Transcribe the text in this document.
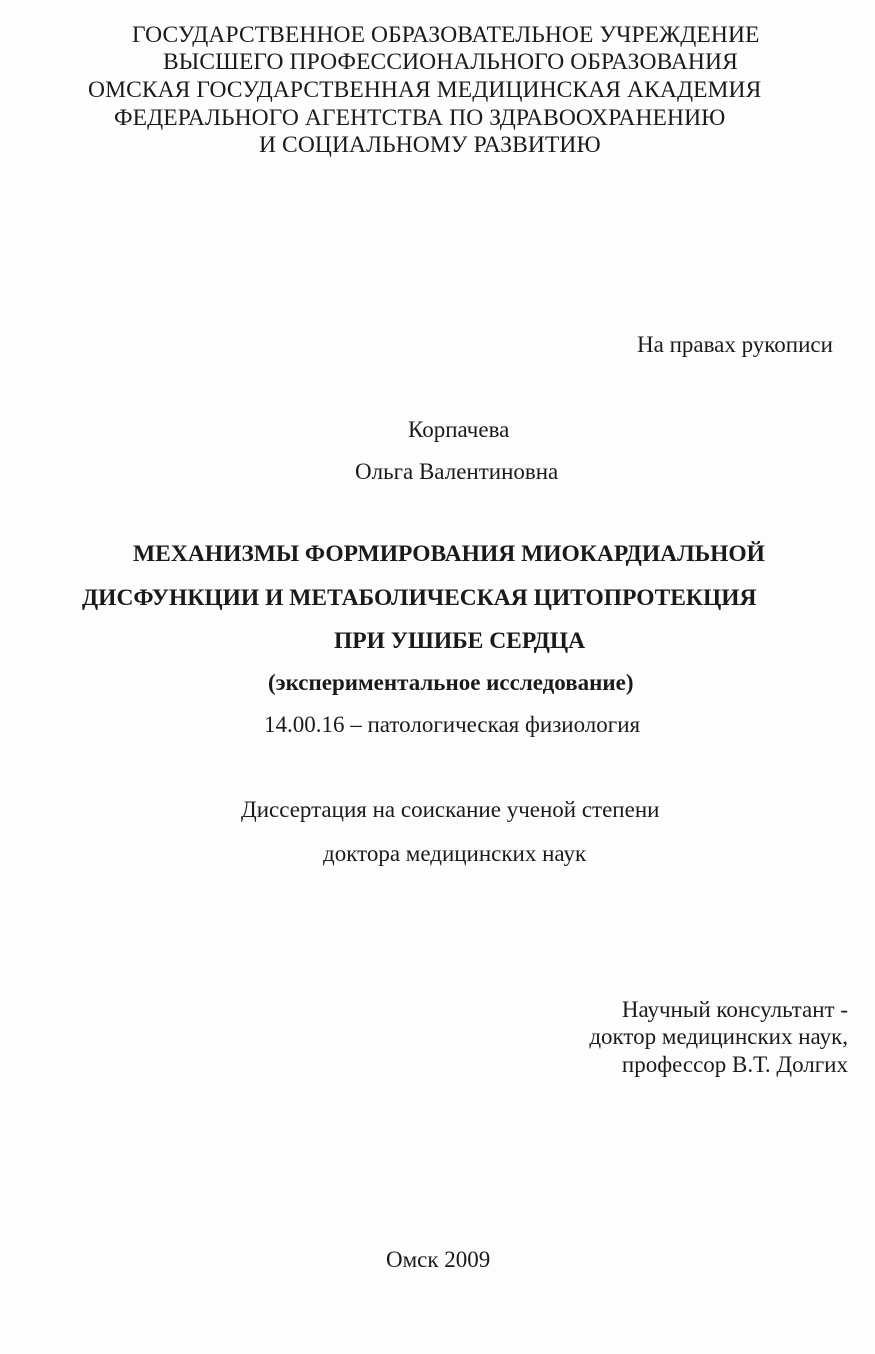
ГОСУДАРСТВЕННОЕ ОБРАЗОВАТЕЛЬНОЕ УЧРЕЖДЕНИЕ
ВЫСШЕГО ПРОФЕССИОНАЛЬНОГО ОБРАЗОВАНИЯ
ОМСКАЯ ГОСУДАРСТВЕННАЯ МЕДИЦИНСКАЯ АКАДЕМИЯ
ФЕДЕРАЛЬНОГО АГЕНТСТВА ПО ЗДРАВООХРАНЕНИЮ
И СОЦИАЛЬНОМУ РАЗВИТИЮ
На правах рукописи
Корпачева
Ольга Валентиновна
МЕХАНИЗМЫ ФОРМИРОВАНИЯ МИОКАРДИАЛЬНОЙ
ДИСФУНКЦИИ И МЕТАБОЛИЧЕСКАЯ ЦИТОПРОТЕКЦИЯ
ПРИ УШИБЕ СЕРДЦА
(экспериментальное исследование)
14.00.16 – патологическая физиология
Диссертация на соискание ученой степени
доктора медицинских наук
Научный консультант -
доктор медицинских наук,
профессор В.Т. Долгих
Омск 2009
